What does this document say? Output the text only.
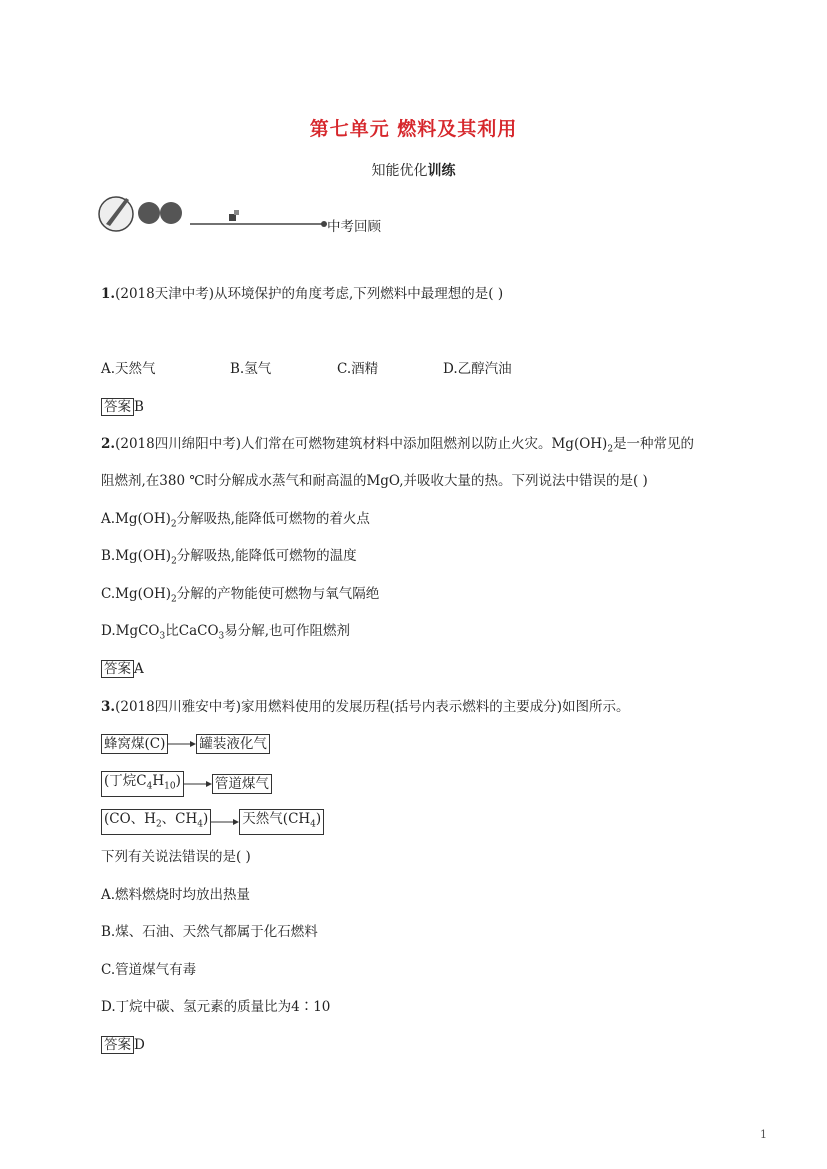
第七单元 燃料及其利用
知能优化训练
中考回顾
1.(2018天津中考)从环境保护的角度考虑,下列燃料中最理想的是( )
A.天然气	B.氢气	C.酒精	D.乙醇汽油
答案 B
2.(2018四川绵阳中考)人们常在可燃物建筑材料中添加阻燃剂以防止火灾。$Mg(OH)_2$是一种常见的
阻燃剂,在380 ℃时分解成水蒸气和耐高温的MgO,并吸收大量的热。下列说法中错误的是( )
$A.Mg(OH)_2$分解吸热,能降低可燃物的着火点
$B.Mg(OH)_2$分解吸热,能降低可燃物的温度
$C.Mg(OH)_2$分解的产物能使可燃物与氧气隔绝
D.MgCO$_3$比CaCO$_3$易分解,也可作阻燃剂
答案 A
3.(2018四川雅安中考)家用燃料使用的发展历程(括号内表示燃料的主要成分)如图所示。
蜂窝煤(C)	罐装液化气
(丁烷$C_4H_{10}$)	管道煤气
(CO、$H_2$、$CH_4$)	天然气$(CH_4)$
下列有关说法错误的是( )
A.燃料燃烧时均放出热量
B.煤、石油、天然气都属于化石燃料
C.管道煤气有毒
D.丁烷中碳、氢元素的质量比为4∶10
答案 D
1
